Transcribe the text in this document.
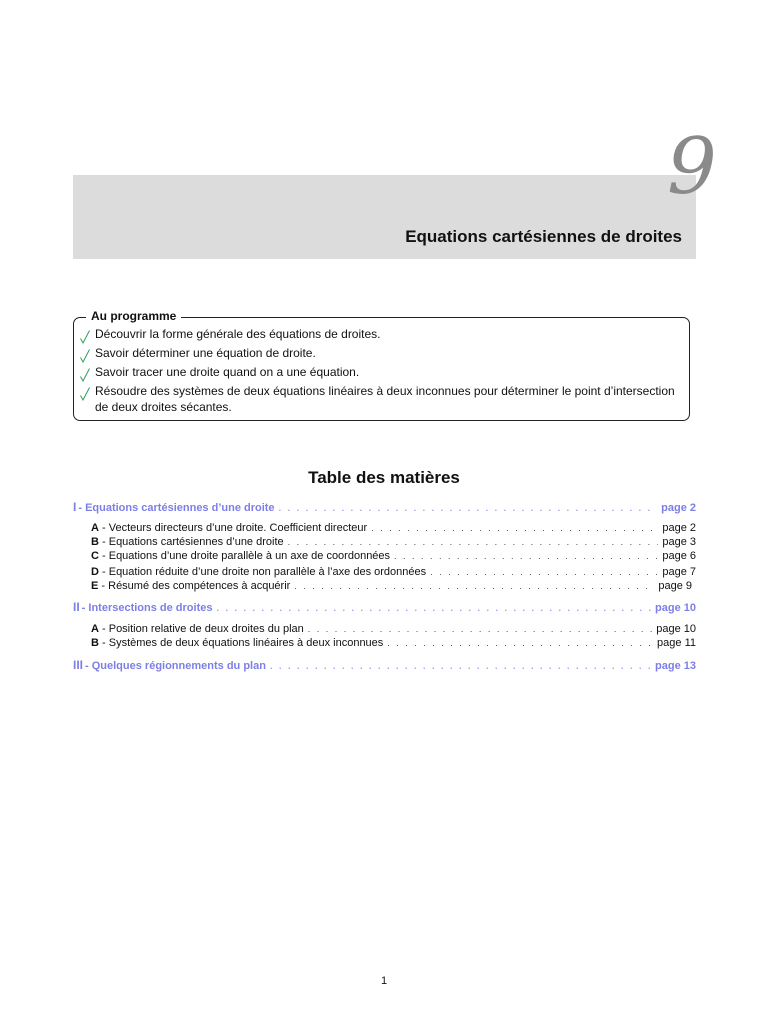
9
Equations cartésiennes de droites
Au programme
Découvrir la forme générale des équations de droites.
Savoir déterminer une équation de droite.
Savoir tracer une droite quand on a une équation.
Résoudre des systèmes de deux équations linéaires à deux inconnues pour déterminer le point d’intersection de deux droites sécantes.
Table des matières
I - Equations cartésiennes d’une droite . . .	page 2
A - Vecteurs directeurs d’une droite. Coefficient directeur . . .	page 2
B - Equations cartésiennes d’une droite . . .	page 3
C - Equations d’une droite parallèle à un axe de coordonnées . . .	page 6
D - Equation réduite d’une droite non parallèle à l’axe des ordonnées . . .	page 7
E - Résumé des compétences à acquérir . . .	page 9
II - Intersections de droites . . .	page 10
A - Position relative de deux droites du plan . . .	page 10
B - Systèmes de deux équations linéaires à deux inconnues . . .	page 11
III - Quelques régionnements du plan . . .	page 13
1
